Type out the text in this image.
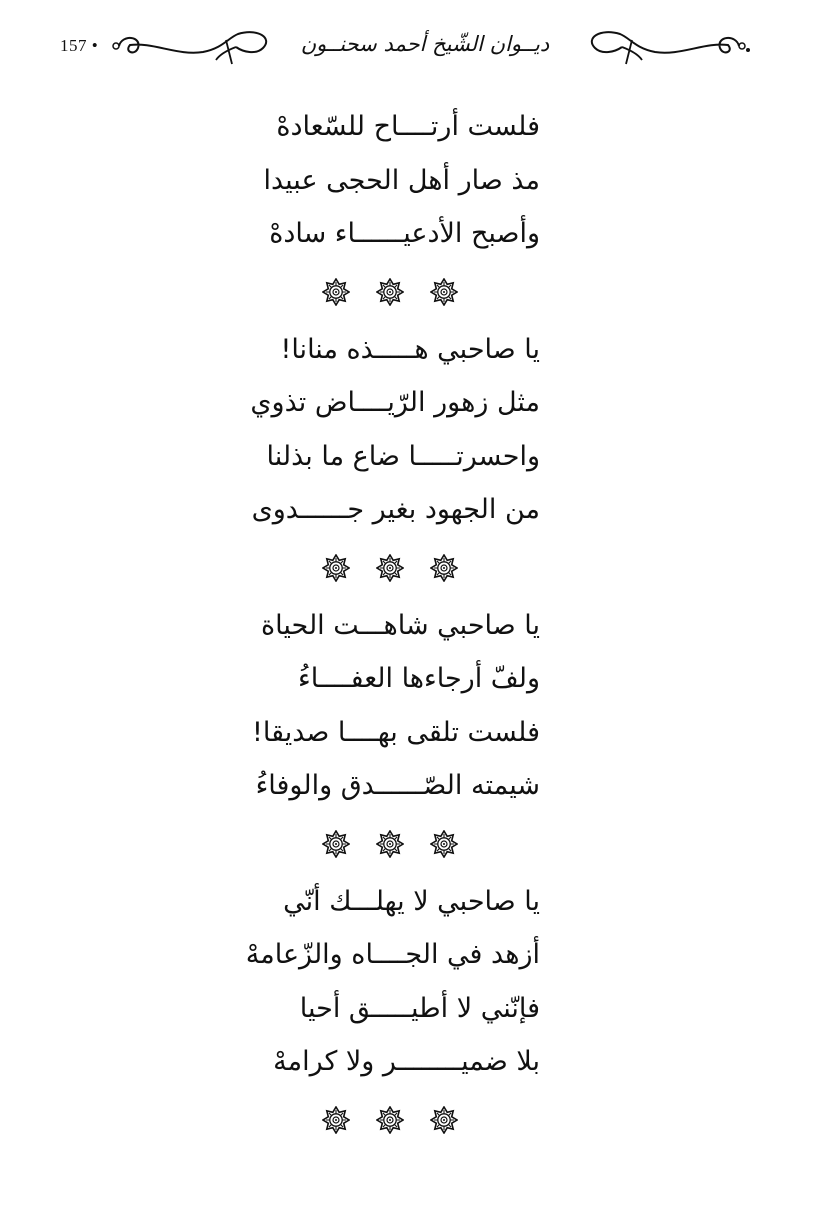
157 •	ديــوان الشّيخ أحمد سحنــون
فلست أرتــــاح للسّعادهْ
مذ صار أهل الحجى عبيدا
وأصبح الأدعيــــــاء سادهْ
يا صاحبي هـــــذه منانا!
مثل زهور الرّيــــاض تذوي
واحسرتـــــا ضاع ما بذلنا
من الجهود بغير جــــــدوى
يا صاحبي شاهـــت الحياة
ولفّ أرجاءها العفــــاءُ
فلست تلقى بهــــا صديقا!
شيمته الصّــــــدق والوفاءُ
يا صاحبي لا يهلـــك أنّي
أزهد في الجــــاه والزّعامهْ
فإنّني لا أطيـــــق أحيا
بلا ضميــــــــر ولا كرامهْ
